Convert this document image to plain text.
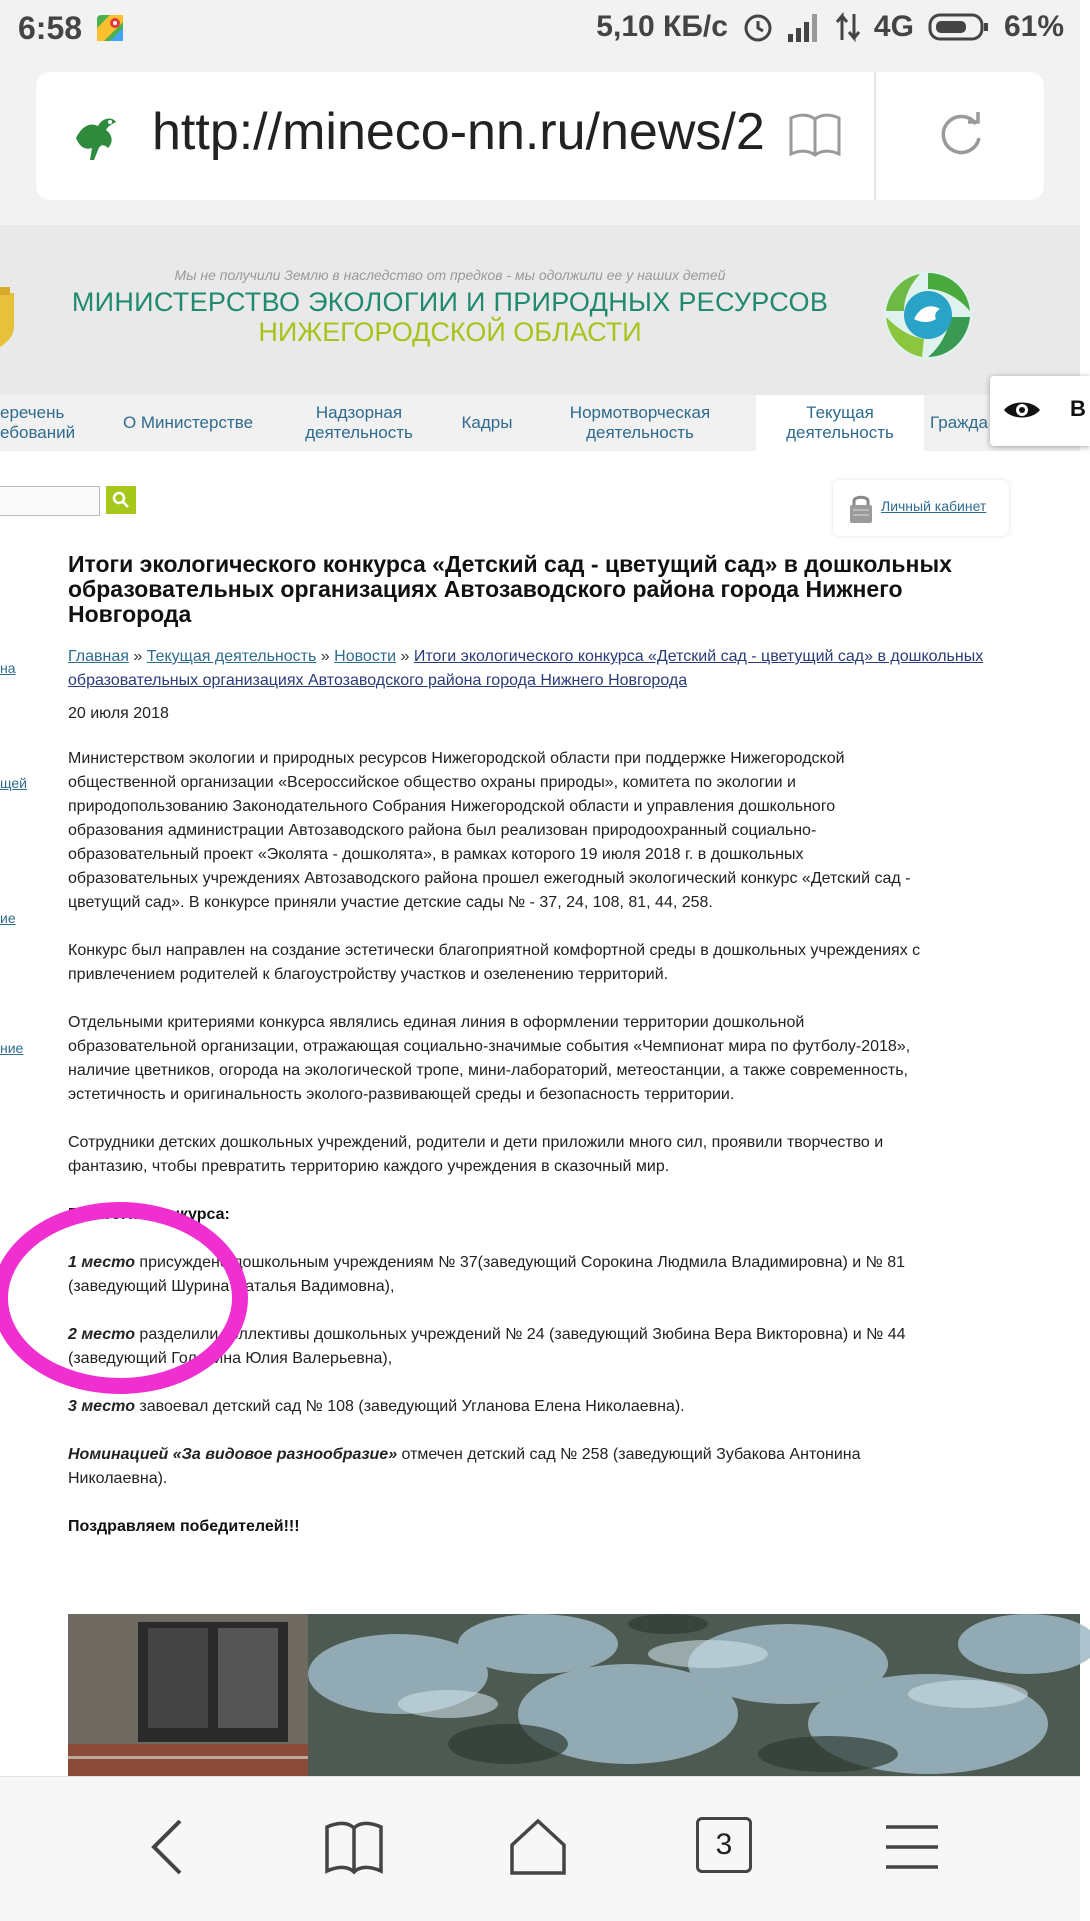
6:58	5,10 КБ/с	4G	61%
http://mineco-nn.ru/news/2
Мы не получили Землю в наследство от предков - мы одолжили ее у наших детей
МИНИСТЕРСТВО ЭКОЛОГИИ И ПРИРОДНЫХ РЕСУРСОВ
НИЖЕГОРОДСКОЙ ОБЛАСТИ
еречень
ебований
О Министерстве
Надзорная
деятельность
Кадры
Нормотворческая
деятельность
Текущая
деятельность
Гражда
В
Личный кабинет
на
щей
ие
ние
Итоги экологического конкурса «Детский сад - цветущий сад» в дошкольных образовательных организациях Автозаводского района города Нижнего Новгорода
Главная » Текущая деятельность » Новости » Итоги экологического конкурса «Детский сад - цветущий сад» в дошкольных образовательных организациях Автозаводского района города Нижнего Новгорода
20 июля 2018
Министерством экологии и природных ресурсов Нижегородской области при поддержке Нижегородской общественной организации «Всероссийское общество охраны природы», комитета по экологии и природопользованию Законодательного Собрания Нижегородской области и управления дошкольного образования администрации Автозаводского района был реализован природоохранный социально-образовательный проект «Эколята - дошколята», в рамках которого 19 июля 2018 г. в дошкольных образовательных учреждениях Автозаводского района прошел ежегодный экологический конкурс «Детский сад - цветущий сад». В конкурсе приняли участие детские сады № - 37, 24, 108, 81, 44, 258.
Конкурс был направлен на создание эстетически благоприятной комфортной среды в дошкольных учреждениях с привлечением родителей к благоустройству участков и озеленению территорий.
Отдельными критериями конкурса являлись единая линия в оформлении территории дошкольной образовательной организации, отражающая социально-значимые события «Чемпионат мира по футболу-2018», наличие цветников, огорода на экологической тропе, мини-лабораторий, метеостанции, а также современность, эстетичность и оригинальность эколого-развивающей среды и безопасность территории.
Сотрудники детских дошкольных учреждений, родители и дети приложили много сил, проявили творчество и фантазию, чтобы превратить территорию каждого учреждения в сказочный мир.
По итогам конкурса:
1 место присуждено дошкольным учреждениям № 37(заведующий Сорокина Людмила Владимировна) и № 81 (заведующий Шурина Наталья Вадимовна),
2 место разделили коллективы дошкольных учреждений № 24 (заведующий Зюбина Вера Викторовна) и № 44 (заведующий Головина Юлия Валерьевна),
3 место завоевал детский сад № 108 (заведующий Угланова Елена Николаевна).
Номинацией «За видовое разнообразие» отмечен детский сад № 258 (заведующий Зубакова Антонина Николаевна).
Поздравляем победителей!!!
3
